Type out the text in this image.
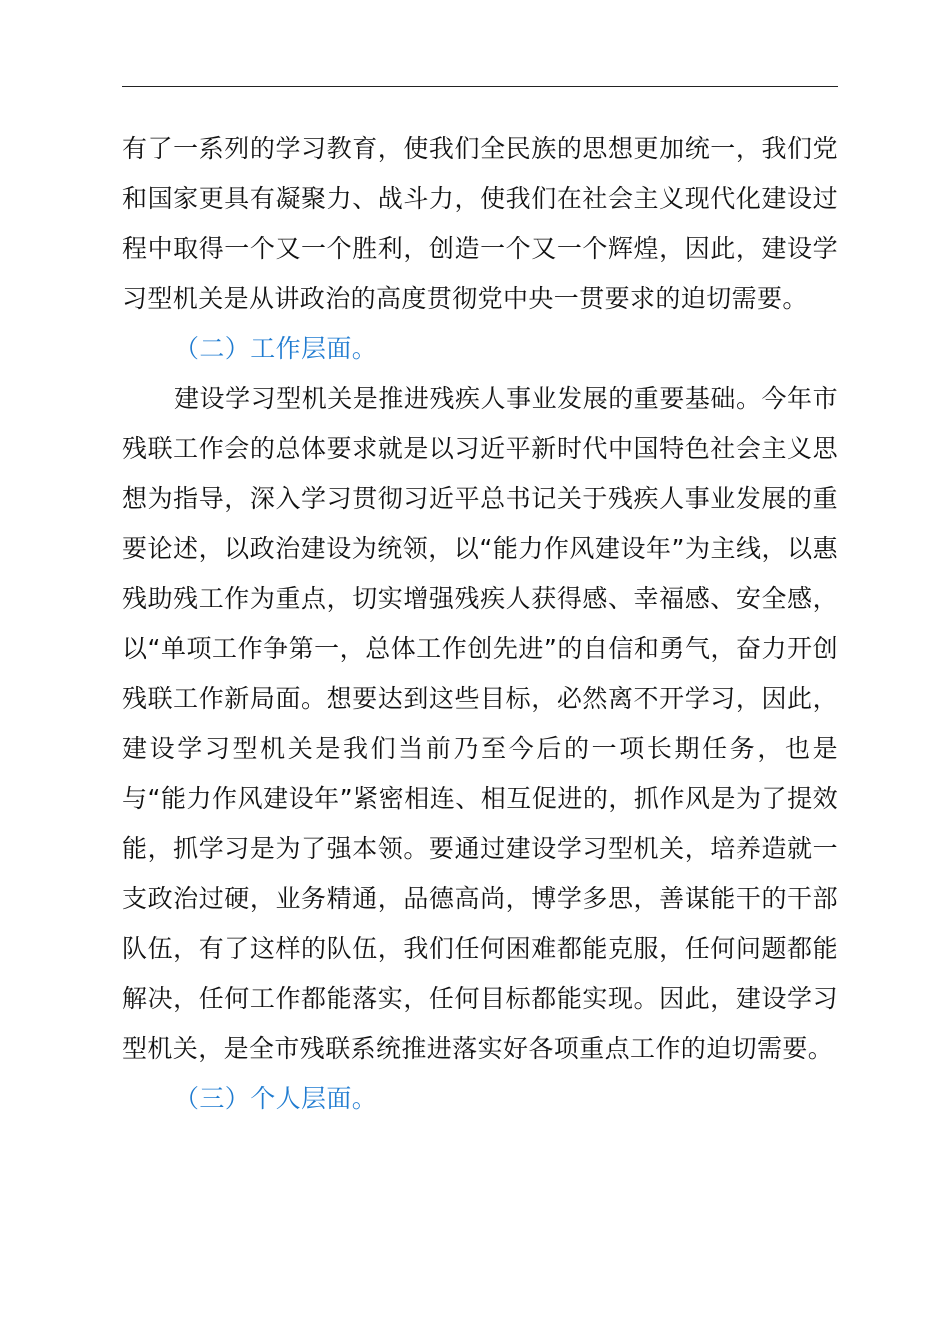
有了一系列的学习教育，使我们全民族的思想更加统一，我们党和国家更具有凝聚力、战斗力，使我们在社会主义现代化建设过程中取得一个又一个胜利，创造一个又一个辉煌，因此，建设学习型机关是从讲政治的高度贯彻党中央一贯要求的迫切需要。

（二）工作层面。

建设学习型机关是推进残疾人事业发展的重要基础。今年市残联工作会的总体要求就是以习近平新时代中国特色社会主义思想为指导，深入学习贯彻习近平总书记关于残疾人事业发展的重要论述，以政治建设为统领，以“能力作风建设年”为主线，以惠残助残工作为重点，切实增强残疾人获得感、幸福感、安全感，以“单项工作争第一，总体工作创先进”的自信和勇气，奋力开创残联工作新局面。想要达到这些目标，必然离不开学习，因此，建设学习型机关是我们当前乃至今后的一项长期任务，也是与“能力作风建设年”紧密相连、相互促进的，抓作风是为了提效能，抓学习是为了强本领。要通过建设学习型机关，培养造就一支政治过硬，业务精通，品德高尚，博学多思，善谋能干的干部队伍，有了这样的队伍，我们任何困难都能克服，任何问题都能解决，任何工作都能落实，任何目标都能实现。因此，建设学习型机关，是全市残联系统推进落实好各项重点工作的迫切需要。

（三）个人层面。
